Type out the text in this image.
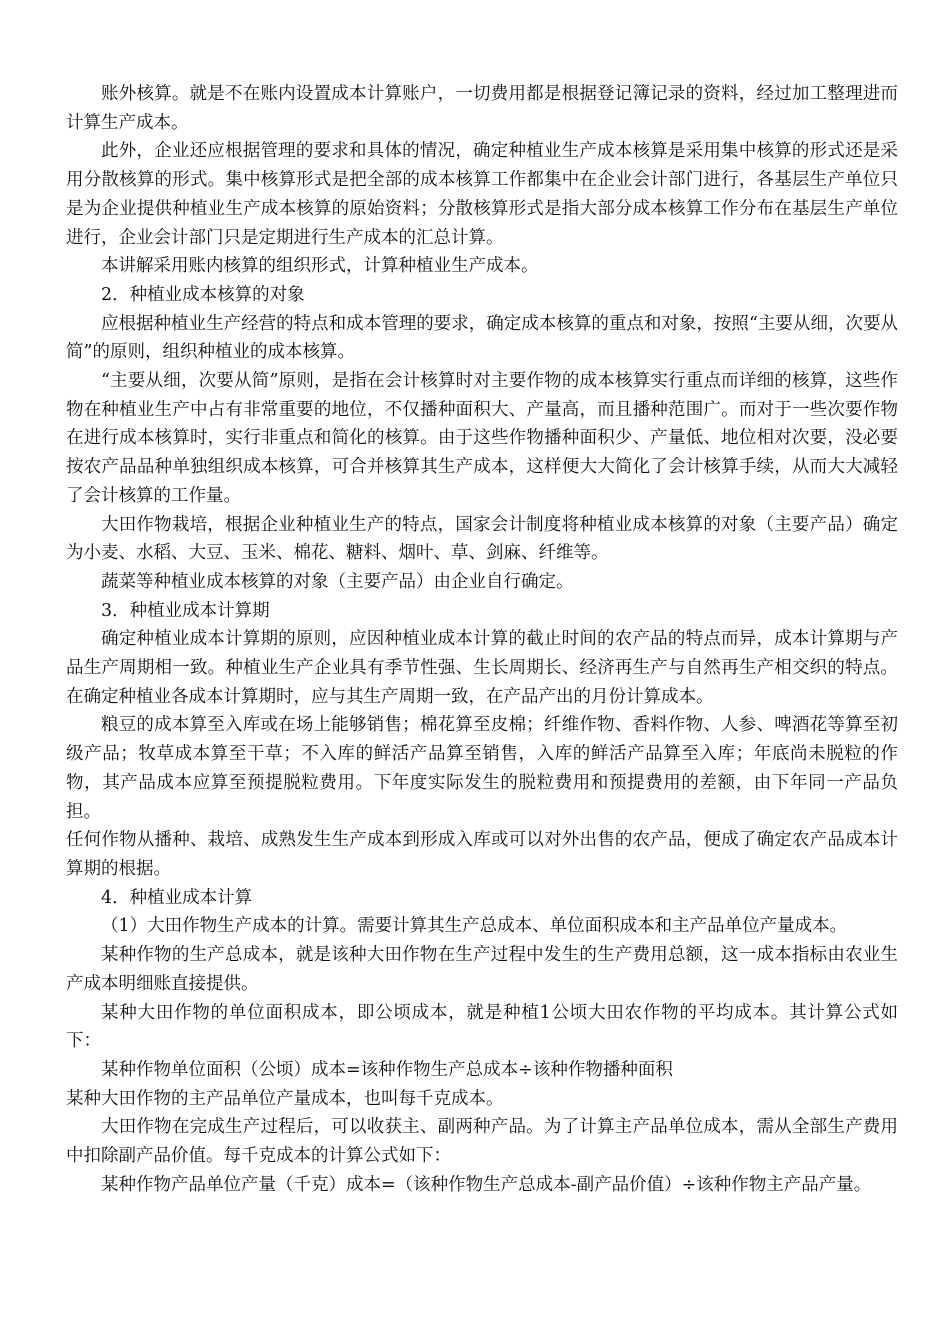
账外核算。就是不在账内设置成本计算账户，一切费用都是根据登记簿记录的资料，经过加工整理进而计算生产成本。

此外，企业还应根据管理的要求和具体的情况，确定种植业生产成本核算是采用集中核算的形式还是采用分散核算的形式。集中核算形式是把全部的成本核算工作都集中在企业会计部门进行，各基层生产单位只是为企业提供种植业生产成本核算的原始资料；分散核算形式是指大部分成本核算工作分布在基层生产单位进行，企业会计部门只是定期进行生产成本的汇总计算。

本讲解采用账内核算的组织形式，计算种植业生产成本。

2．种植业成本核算的对象

应根据种植业生产经营的特点和成本管理的要求，确定成本核算的重点和对象，按照“主要从细，次要从简”的原则，组织种植业的成本核算。

“主要从细，次要从简”原则，是指在会计核算时对主要作物的成本核算实行重点而详细的核算，这些作物在种植业生产中占有非常重要的地位，不仅播种面积大、产量高，而且播种范围广。而对于一些次要作物在进行成本核算时，实行非重点和简化的核算。由于这些作物播种面积少、产量低、地位相对次要，没必要按农产品品种单独组织成本核算，可合并核算其生产成本，这样便大大简化了会计核算手续，从而大大减轻了会计核算的工作量。

大田作物栽培，根据企业种植业生产的特点，国家会计制度将种植业成本核算的对象（主要产品）确定为小麦、水稻、大豆、玉米、棉花、糖料、烟叶、草、剑麻、纤维等。

蔬菜等种植业成本核算的对象（主要产品）由企业自行确定。

3．种植业成本计算期

确定种植业成本计算期的原则，应因种植业成本计算的截止时间的农产品的特点而异，成本计算期与产品生产周期相一致。种植业生产企业具有季节性强、生长周期长、经济再生产与自然再生产相交织的特点。在确定种植业各成本计算期时，应与其生产周期一致，在产品产出的月份计算成本。

粮豆的成本算至入库或在场上能够销售；棉花算至皮棉；纤维作物、香料作物、人参、啤酒花等算至初级产品；牧草成本算至干草；不入库的鲜活产品算至销售，入库的鲜活产品算至入库；年底尚未脱粒的作物，其产品成本应算至预提脱粒费用。下年度实际发生的脱粒费用和预提费用的差额，由下年同一产品负担。

任何作物从播种、栽培、成熟发生生产成本到形成入库或可以对外出售的农产品，便成了确定农产品成本计算期的根据。

4．种植业成本计算

（1）大田作物生产成本的计算。需要计算其生产总成本、单位面积成本和主产品单位产量成本。

某种作物的生产总成本，就是该种大田作物在生产过程中发生的生产费用总额，这一成本指标由农业生产成本明细账直接提供。

某种大田作物的单位面积成本，即公顷成本，就是种植1公顷大田农作物的平均成本。其计算公式如下：

某种作物单位面积（公顷）成本=该种作物生产总成本÷该种作物播种面积

某种大田作物的主产品单位产量成本，也叫每千克成本。

大田作物在完成生产过程后，可以收获主、副两种产品。为了计算主产品单位成本，需从全部生产费用中扣除副产品价值。每千克成本的计算公式如下：

某种作物产品单位产量（千克）成本=（该种作物生产总成本-副产品价值）÷该种作物主产品产量。
